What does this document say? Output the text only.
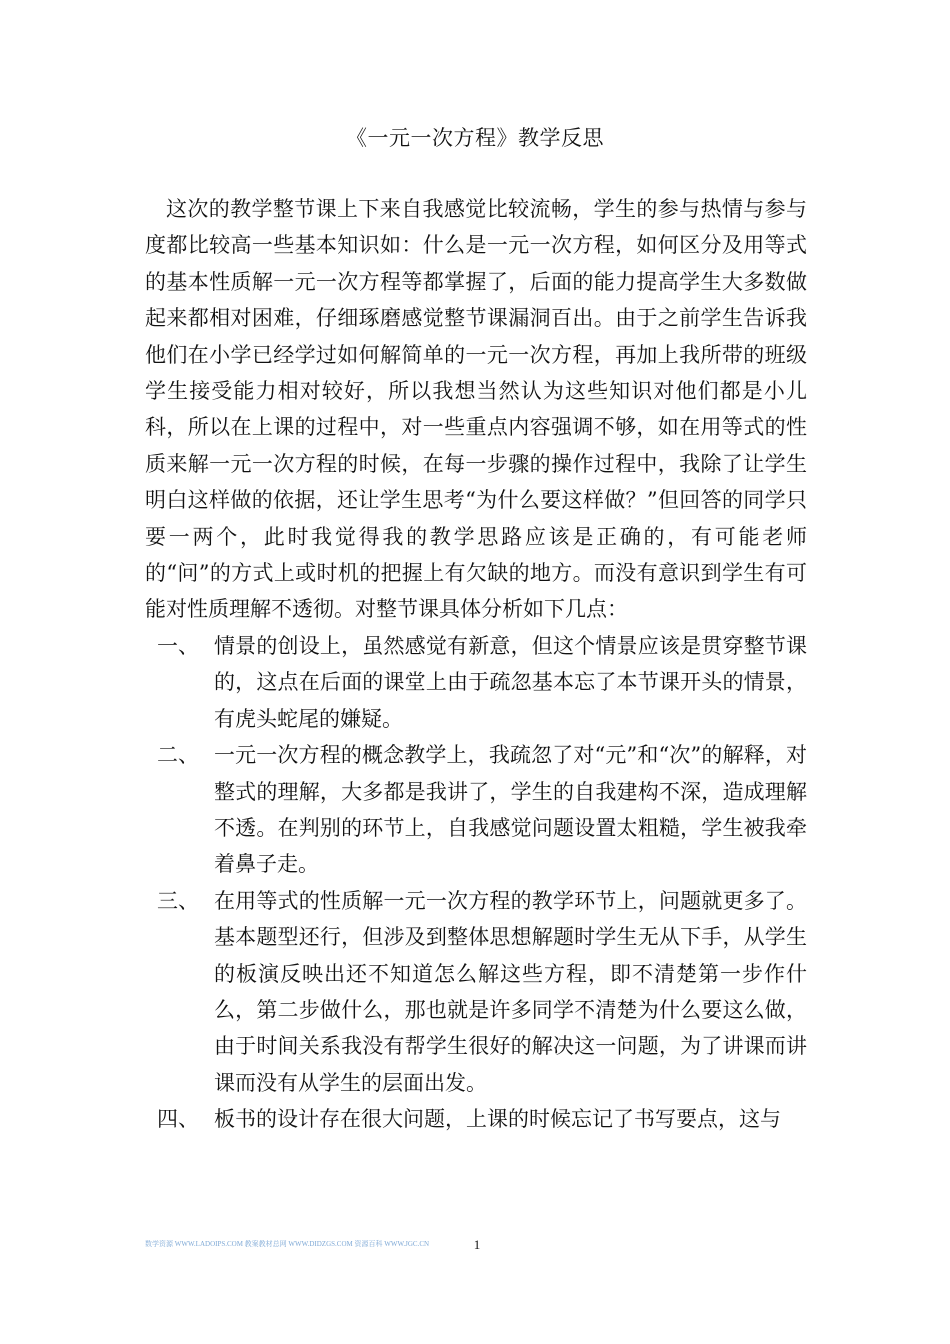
《一元一次方程》教学反思

这次的教学整节课上下来自我感觉比较流畅，学生的参与热情与参与度都比较高一些基本知识如：什么是一元一次方程，如何区分及用等式的基本性质解一元一次方程等都掌握了，后面的能力提高学生大多数做起来都相对困难，仔细琢磨感觉整节课漏洞百出。由于之前学生告诉我他们在小学已经学过如何解简单的一元一次方程，再加上我所带的班级学生接受能力相对较好，所以我想当然认为这些知识对他们都是小儿科，所以在上课的过程中，对一些重点内容强调不够，如在用等式的性质来解一元一次方程的时候，在每一步骤的操作过程中，我除了让学生明白这样做的依据，还让学生思考“为什么要这样做？”但回答的同学只要一两个，此时我觉得我的教学思路应该是正确的，有可能老师的“问”的方式上或时机的把握上有欠缺的地方。而没有意识到学生有可能对性质理解不透彻。对整节课具体分析如下几点：

一、 情景的创设上，虽然感觉有新意，但这个情景应该是贯穿整节课的，这点在后面的课堂上由于疏忽基本忘了本节课开头的情景，有虎头蛇尾的嫌疑。
二、 一元一次方程的概念教学上，我疏忽了对“元”和“次”的解释，对整式的理解，大多都是我讲了，学生的自我建构不深，造成理解不透。在判别的环节上，自我感觉问题设置太粗糙，学生被我牵着鼻子走。
三、 在用等式的性质解一元一次方程的教学环节上，问题就更多了。基本题型还行，但涉及到整体思想解题时学生无从下手，从学生的板演反映出还不知道怎么解这些方程，即不清楚第一步作什么，第二步做什么，那也就是许多同学不清楚为什么要这么做，由于时间关系我没有帮学生很好的解决这一问题，为了讲课而讲课而没有从学生的层面出发。
四、 板书的设计存在很大问题，上课的时候忘记了书写要点，这与
数学资源 WWW.LADOIPS.COM 教案教材总网 WWW.DIDZGS.COM 资源百科 WWW.JGC.CN	1
